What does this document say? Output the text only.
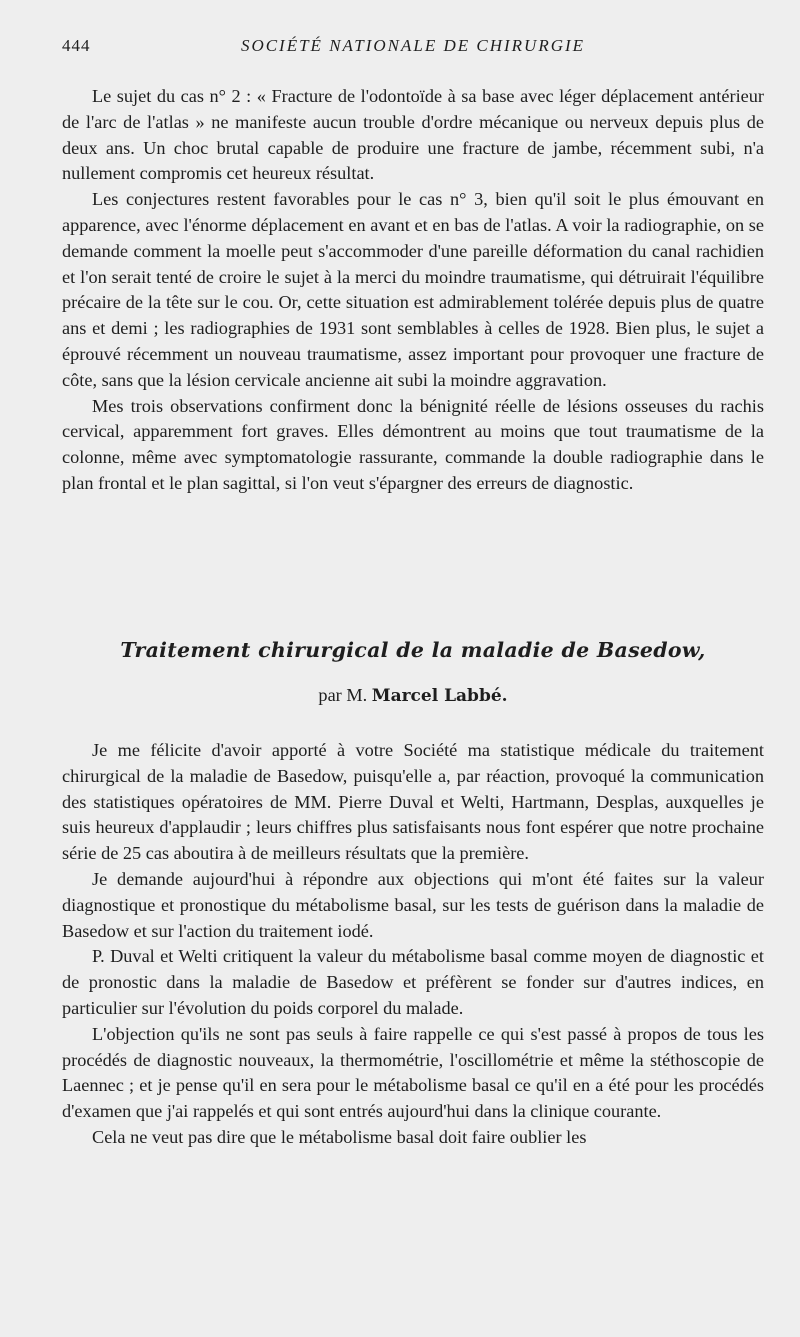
444	SOCIÉTÉ NATIONALE DE CHIRURGIE

Le sujet du cas n° 2 : « Fracture de l'odontoïde à sa base avec léger déplacement antérieur de l'arc de l'atlas » ne manifeste aucun trouble d'ordre mécanique ou nerveux depuis plus de deux ans. Un choc brutal capable de produire une fracture de jambe, récemment subi, n'a nullement compromis cet heureux résultat.

Les conjectures restent favorables pour le cas n° 3, bien qu'il soit le plus émouvant en apparence, avec l'énorme déplacement en avant et en bas de l'atlas. A voir la radiographie, on se demande comment la moelle peut s'accommoder d'une pareille déformation du canal rachidien et l'on serait tenté de croire le sujet à la merci du moindre traumatisme, qui détruirait l'équilibre précaire de la tête sur le cou. Or, cette situation est admirablement tolérée depuis plus de quatre ans et demi ; les radiographies de 1931 sont semblables à celles de 1928. Bien plus, le sujet a éprouvé récemment un nouveau traumatisme, assez important pour provoquer une fracture de côte, sans que la lésion cervicale ancienne ait subi la moindre aggravation.

Mes trois observations confirment donc la bénignité réelle de lésions osseuses du rachis cervical, apparemment fort graves. Elles démontrent au moins que tout traumatisme de la colonne, même avec symptomatologie rassurante, commande la double radiographie dans le plan frontal et le plan sagittal, si l'on veut s'épargner des erreurs de diagnostic.

Traitement chirurgical de la maladie de Basedow,
par M. Marcel Labbé.

Je me félicite d'avoir apporté à votre Société ma statistique médicale du traitement chirurgical de la maladie de Basedow, puisqu'elle a, par réaction, provoqué la communication des statistiques opératoires de MM. Pierre Duval et Welti, Hartmann, Desplas, auxquelles je suis heureux d'applaudir ; leurs chiffres plus satisfaisants nous font espérer que notre prochaine série de 25 cas aboutira à de meilleurs résultats que la première.

Je demande aujourd'hui à répondre aux objections qui m'ont été faites sur la valeur diagnostique et pronostique du métabolisme basal, sur les tests de guérison dans la maladie de Basedow et sur l'action du traitement iodé.

P. Duval et Welti critiquent la valeur du métabolisme basal comme moyen de diagnostic et de pronostic dans la maladie de Basedow et préfèrent se fonder sur d'autres indices, en particulier sur l'évolution du poids corporel du malade.

L'objection qu'ils ne sont pas seuls à faire rappelle ce qui s'est passé à propos de tous les procédés de diagnostic nouveaux, la thermométrie, l'oscillométrie et même la stéthoscopie de Laennec ; et je pense qu'il en sera pour le métabolisme basal ce qu'il en a été pour les procédés d'examen que j'ai rappelés et qui sont entrés aujourd'hui dans la clinique courante.

Cela ne veut pas dire que le métabolisme basal doit faire oublier les
